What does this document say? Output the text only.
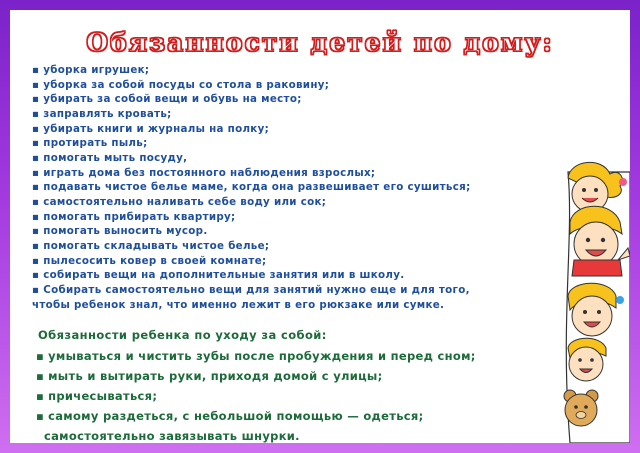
Обязанности детей по дому:
▪ уборка игрушек;
▪ уборка за собой посуды со стола в раковину;
▪ убирать за собой вещи и обувь на место;
▪ заправлять кровать;
▪ убирать книги и журналы на полку;
▪ протирать пыль;
▪ помогать мыть посуду,
▪ играть дома без постоянного наблюдения взрослых;
▪ подавать чистое белье маме, когда она развешивает его сушиться;
▪ самостоятельно наливать себе воду или сок;
▪ помогать прибирать квартиру;
▪ помогать выносить мусор.
▪ помогать складывать чистое белье;
▪ пылесосить ковер в своей комнате;
▪ собирать вещи на дополнительные занятия или в школу.
▪ Собирать самостоятельно вещи для занятий нужно еще и для того,
чтобы ребенок знал, что именно лежит в его рюкзаке или сумке.
Обязанности ребенка по уходу за собой:
▪ умываться и чистить зубы после пробуждения и перед сном;
▪ мыть и вытирать руки, приходя домой с улицы;
▪ причесываться;
▪ самому раздеться, с небольшой помощью — одеться;
самостоятельно завязывать шнурки.
